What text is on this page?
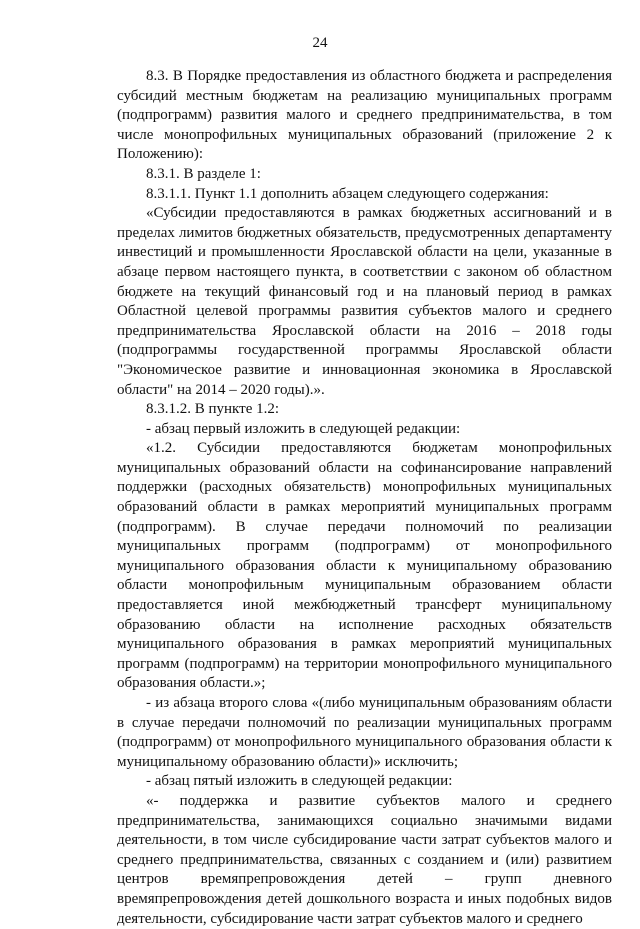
24

8.3. В Порядке предоставления из областного бюджета и распределения субсидий местным бюджетам на реализацию муниципальных программ (подпрограмм) развития малого и среднего предпринимательства, в том числе монопрофильных муниципальных образований (приложение 2 к Положению):

8.3.1. В разделе 1:

8.3.1.1. Пункт 1.1 дополнить абзацем следующего содержания:

«Субсидии предоставляются в рамках бюджетных ассигнований и в пределах лимитов бюджетных обязательств, предусмотренных департаменту инвестиций и промышленности Ярославской области на цели, указанные в абзаце первом настоящего пункта, в соответствии с законом об областном бюджете на текущий финансовый год и на плановый период в рамках Областной целевой программы развития субъектов малого и среднего предпринимательства Ярославской области на 2016 – 2018 годы (подпрограммы государственной программы Ярославской области "Экономическое развитие и инновационная экономика в Ярославской области" на 2014 – 2020 годы).».

8.3.1.2. В пункте 1.2:

- абзац первый изложить в следующей редакции:

«1.2. Субсидии предоставляются бюджетам монопрофильных муниципальных образований области на софинансирование направлений поддержки (расходных обязательств) монопрофильных муниципальных образований области в рамках мероприятий муниципальных программ (подпрограмм). В случае передачи полномочий по реализации муниципальных программ (подпрограмм) от монопрофильного муниципального образования области к муниципальному образованию области монопрофильным муниципальным образованием области предоставляется иной межбюджетный трансферт муниципальному образованию области на исполнение расходных обязательств муниципального образования в рамках мероприятий муниципальных программ (подпрограмм) на территории монопрофильного муниципального образования области.»;

- из абзаца второго слова «(либо муниципальным образованиям области в случае передачи полномочий по реализации муниципальных программ (подпрограмм) от монопрофильного муниципального образования области к муниципальному образованию области)» исключить;

- абзац пятый изложить в следующей редакции:

«- поддержка и развитие субъектов малого и среднего предпринимательства, занимающихся социально значимыми видами деятельности, в том числе субсидирование части затрат субъектов малого и среднего предпринимательства, связанных с созданием и (или) развитием центров времяпрепровождения детей – групп дневного времяпрепровождения детей дошкольного возраста и иных подобных видов деятельности, субсидирование части затрат субъектов малого и среднего
